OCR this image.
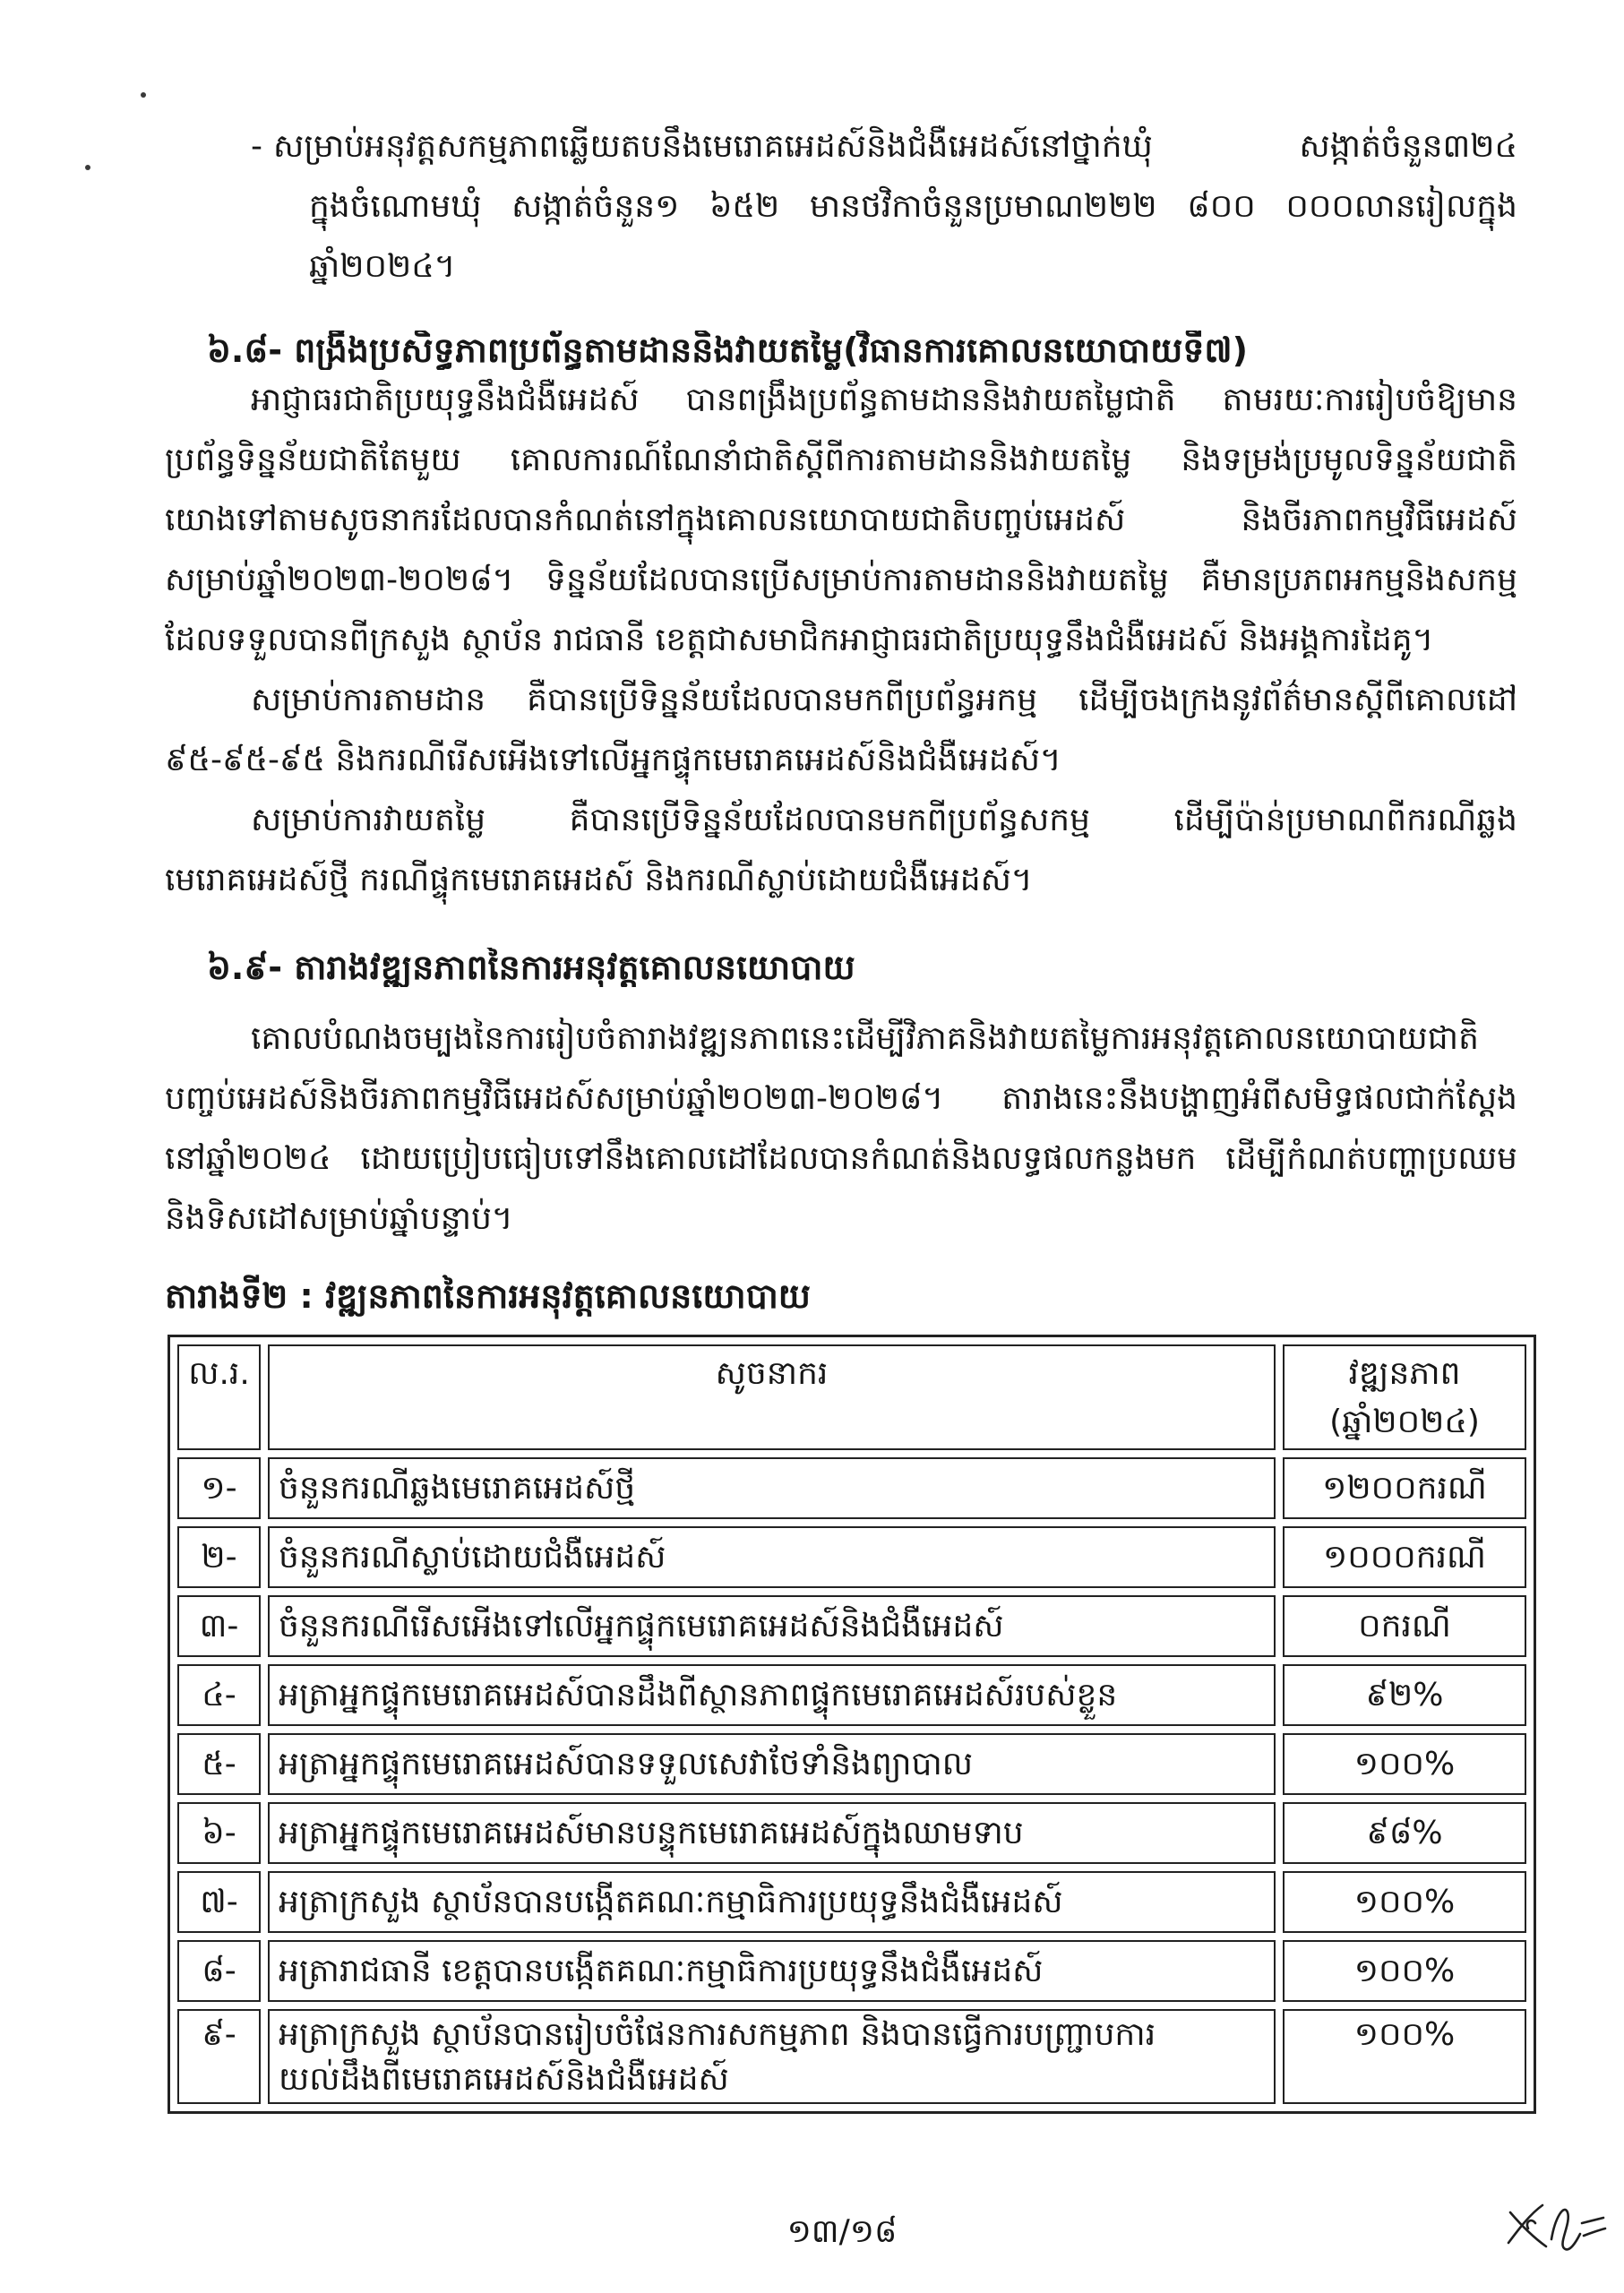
- សម្រាប់អនុវត្តសកម្មភាពឆ្លើយតបនឹងមេរោគអេដស៍និងជំងឺអេដស៍នៅថ្នាក់ឃុំ សង្កាត់ចំនួន៣២៤
ក្នុងចំណោមឃុំ សង្កាត់ចំនួន១ ៦៥២ មានថវិកាចំនួនប្រមាណ២២២ ៨០០ ០០០លានរៀលក្នុង
ឆ្នាំ២០២៤។
៦.៨- ពង្រឹងប្រសិទ្ធភាពប្រព័ន្ធតាមដាននិងវាយតម្លៃ(វិធានការគោលនយោបាយទី៧)
អាជ្ញាធរជាតិប្រយុទ្ធនឹងជំងឺអេដស៍ បានពង្រឹងប្រព័ន្ធតាមដាននិងវាយតម្លៃជាតិ តាមរយៈការរៀបចំឱ្យមាន
ប្រព័ន្ធទិន្នន័យជាតិតែមួយ គោលការណ៍ណែនាំជាតិស្តីពីការតាមដាននិងវាយតម្លៃ និងទម្រង់ប្រមូលទិន្នន័យជាតិ
យោងទៅតាមសូចនាករដែលបានកំណត់នៅក្នុងគោលនយោបាយជាតិបញ្ចប់អេដស៍ និងចីរភាពកម្មវិធីអេដស៍
សម្រាប់ឆ្នាំ២០២៣-២០២៨។ ទិន្នន័យដែលបានប្រើសម្រាប់ការតាមដាននិងវាយតម្លៃ គឺមានប្រភពអកម្មនិងសកម្ម
ដែលទទួលបានពីក្រសួង ស្ថាប័ន រាជធានី ខេត្តជាសមាជិកអាជ្ញាធរជាតិប្រយុទ្ធនឹងជំងឺអេដស៍ និងអង្គការដៃគូ។
សម្រាប់ការតាមដាន គឺបានប្រើទិន្នន័យដែលបានមកពីប្រព័ន្ធអកម្ម ដើម្បីចងក្រងនូវព័ត៌មានស្តីពីគោលដៅ
៩៥-៩៥-៩៥ និងករណីរើសអើងទៅលើអ្នកផ្ទុកមេរោគអេដស៍និងជំងឺអេដស៍។
សម្រាប់ការវាយតម្លៃ គឺបានប្រើទិន្នន័យដែលបានមកពីប្រព័ន្ធសកម្ម ដើម្បីប៉ាន់ប្រមាណពីករណីឆ្លង
មេរោគអេដស៍ថ្មី ករណីផ្ទុកមេរោគអេដស៍ និងករណីស្លាប់ដោយជំងឺអេដស៍។
៦.៩- តារាងវឌ្ឍនភាពនៃការអនុវត្តគោលនយោបាយ
គោលបំណងចម្បងនៃការរៀបចំតារាងវឌ្ឍនភាពនេះដើម្បីវិភាគនិងវាយតម្លៃការអនុវត្តគោលនយោបាយជាតិ
បញ្ចប់អេដស៍និងចីរភាពកម្មវិធីអេដស៍សម្រាប់ឆ្នាំ២០២៣-២០២៨។ តារាងនេះនឹងបង្ហាញអំពីសមិទ្ធផលជាក់ស្តែង
នៅឆ្នាំ២០២៤ ដោយប្រៀបធៀបទៅនឹងគោលដៅដែលបានកំណត់និងលទ្ធផលកន្លងមក ដើម្បីកំណត់បញ្ហាប្រឈម
និងទិសដៅសម្រាប់ឆ្នាំបន្ទាប់។
តារាងទី២ : វឌ្ឍនភាពនៃការអនុវត្តគោលនយោបាយ
ល.រ.	សូចនាករ	វឌ្ឍនភាព
(ឆ្នាំ២០២៤)

១-	ចំនួនករណីឆ្លងមេរោគអេដស៍ថ្មី	១២០០ករណី

២-	ចំនួនករណីស្លាប់ដោយជំងឺអេដស៍	១០០០ករណី

៣-	ចំនួនករណីរើសអើងទៅលើអ្នកផ្ទុកមេរោគអេដស៍និងជំងឺអេដស៍	០ករណី

៤-	អត្រាអ្នកផ្ទុកមេរោគអេដស៍បានដឹងពីស្ថានភាពផ្ទុកមេរោគអេដស៍របស់ខ្លួន	៩២%

៥-	អត្រាអ្នកផ្ទុកមេរោគអេដស៍បានទទួលសេវាថែទាំនិងព្យាបាល	១០០%

៦-	អត្រាអ្នកផ្ទុកមេរោគអេដស៍មានបន្ទុកមេរោគអេដស៍ក្នុងឈាមទាប	៩៨%

៧-	អត្រាក្រសួង ស្ថាប័នបានបង្កើតគណៈកម្មាធិការប្រយុទ្ធនឹងជំងឺអេដស៍	១០០%

៨-	អត្រារាជធានី ខេត្តបានបង្កើតគណៈកម្មាធិការប្រយុទ្ធនឹងជំងឺអេដស៍	១០០%

៩-	អត្រាក្រសួង ស្ថាប័នបានរៀបចំផែនការសកម្មភាព និងបានធ្វើការបញ្ជ្រាបការ
យល់ដឹងពីមេរោគអេដស៍និងជំងឺអេដស៍	១០០%
១៣/១៨
